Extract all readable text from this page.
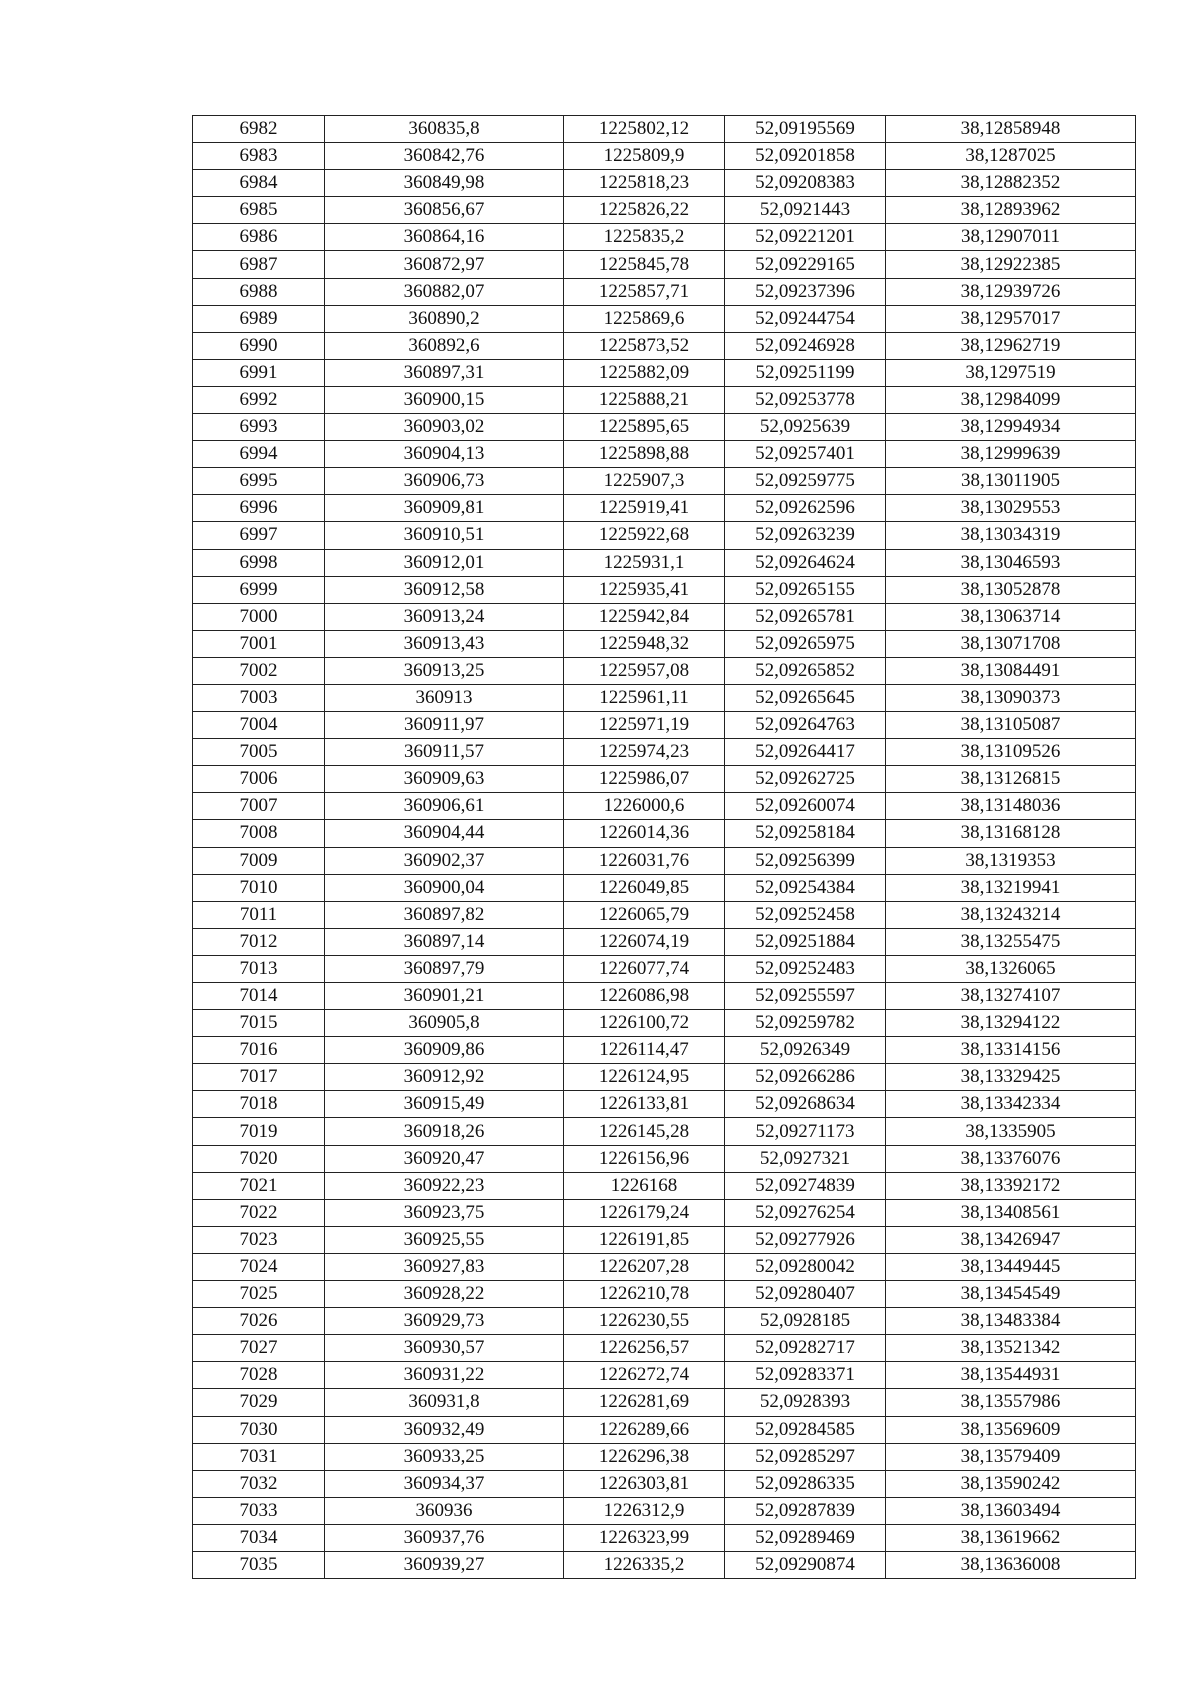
6982	360835,8	1225802,12	52,09195569	38,12858948
6983	360842,76	1225809,9	52,09201858	38,1287025
6984	360849,98	1225818,23	52,09208383	38,12882352
6985	360856,67	1225826,22	52,0921443	38,12893962
6986	360864,16	1225835,2	52,09221201	38,12907011
6987	360872,97	1225845,78	52,09229165	38,12922385
6988	360882,07	1225857,71	52,09237396	38,12939726
6989	360890,2	1225869,6	52,09244754	38,12957017
6990	360892,6	1225873,52	52,09246928	38,12962719
6991	360897,31	1225882,09	52,09251199	38,1297519
6992	360900,15	1225888,21	52,09253778	38,12984099
6993	360903,02	1225895,65	52,0925639	38,12994934
6994	360904,13	1225898,88	52,09257401	38,12999639
6995	360906,73	1225907,3	52,09259775	38,13011905
6996	360909,81	1225919,41	52,09262596	38,13029553
6997	360910,51	1225922,68	52,09263239	38,13034319
6998	360912,01	1225931,1	52,09264624	38,13046593
6999	360912,58	1225935,41	52,09265155	38,13052878
7000	360913,24	1225942,84	52,09265781	38,13063714
7001	360913,43	1225948,32	52,09265975	38,13071708
7002	360913,25	1225957,08	52,09265852	38,13084491
7003	360913	1225961,11	52,09265645	38,13090373
7004	360911,97	1225971,19	52,09264763	38,13105087
7005	360911,57	1225974,23	52,09264417	38,13109526
7006	360909,63	1225986,07	52,09262725	38,13126815
7007	360906,61	1226000,6	52,09260074	38,13148036
7008	360904,44	1226014,36	52,09258184	38,13168128
7009	360902,37	1226031,76	52,09256399	38,1319353
7010	360900,04	1226049,85	52,09254384	38,13219941
7011	360897,82	1226065,79	52,09252458	38,13243214
7012	360897,14	1226074,19	52,09251884	38,13255475
7013	360897,79	1226077,74	52,09252483	38,1326065
7014	360901,21	1226086,98	52,09255597	38,13274107
7015	360905,8	1226100,72	52,09259782	38,13294122
7016	360909,86	1226114,47	52,0926349	38,13314156
7017	360912,92	1226124,95	52,09266286	38,13329425
7018	360915,49	1226133,81	52,09268634	38,13342334
7019	360918,26	1226145,28	52,09271173	38,1335905
7020	360920,47	1226156,96	52,0927321	38,13376076
7021	360922,23	1226168	52,09274839	38,13392172
7022	360923,75	1226179,24	52,09276254	38,13408561
7023	360925,55	1226191,85	52,09277926	38,13426947
7024	360927,83	1226207,28	52,09280042	38,13449445
7025	360928,22	1226210,78	52,09280407	38,13454549
7026	360929,73	1226230,55	52,0928185	38,13483384
7027	360930,57	1226256,57	52,09282717	38,13521342
7028	360931,22	1226272,74	52,09283371	38,13544931
7029	360931,8	1226281,69	52,0928393	38,13557986
7030	360932,49	1226289,66	52,09284585	38,13569609
7031	360933,25	1226296,38	52,09285297	38,13579409
7032	360934,37	1226303,81	52,09286335	38,13590242
7033	360936	1226312,9	52,09287839	38,13603494
7034	360937,76	1226323,99	52,09289469	38,13619662
7035	360939,27	1226335,2	52,09290874	38,13636008
